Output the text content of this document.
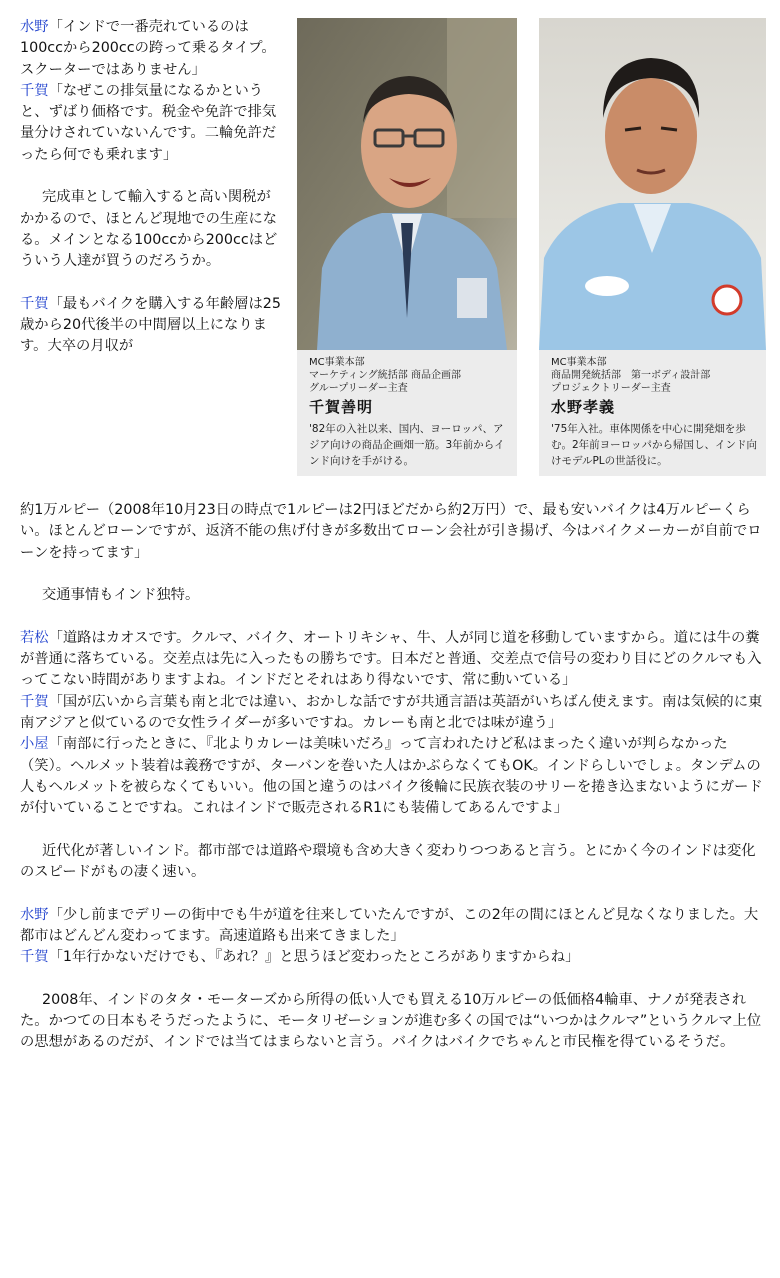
MC事業本部
マーケティング統括部 商品企画部
グループリーダー主査
千賀善明
'82年の入社以来、国内、ヨーロッパ、アジア向けの商品企画畑一筋。3年前からインド向けを手がける。
MC事業本部
商品開発統括部　第一ボディ設計部
プロジェクトリーダー主査
水野孝義
'75年入社。車体関係を中心に開発畑を歩む。2年前ヨーロッパから帰国し、インド向けモデルPLの世話役に。

水野「インドで一番売れているのは100ccから200ccの跨って乗るタイプ。スクーターではありません」

千賀「なぜこの排気量になるかというと、ずばり価格です。税金や免許で排気量分けされていないんです。二輪免許だったら何でも乗れます」

完成車として輸入すると高い関税がかかるので、ほとんど現地での生産になる。メインとなる100ccから200ccはどういう人達が買うのだろうか。

千賀「最もバイクを購入する年齢層は25歳から20代後半の中間層以上になります。大卒の月収が

約1万ルピー（2008年10月23日の時点で1ルピーは2円ほどだから約2万円）で、最も安いバイクは4万ルピーくらい。ほとんどローンですが、返済不能の焦げ付きが多数出てローン会社が引き揚げ、今はバイクメーカーが自前でローンを持ってます」

交通事情もインド独特。

若松「道路はカオスです。クルマ、バイク、オートリキシャ、牛、人が同じ道を移動していますから。道には牛の糞が普通に落ちている。交差点は先に入ったもの勝ちです。日本だと普通、交差点で信号の変わり目にどのクルマも入ってこない時間がありますよね。インドだとそれはあり得ないです、常に動いている」

千賀「国が広いから言葉も南と北では違い、おかしな話ですが共通言語は英語がいちばん使えます。南は気候的に東南アジアと似ているので女性ライダーが多いですね。カレーも南と北では味が違う」

小屋「南部に行ったときに、『北よりカレーは美味いだろ』って言われたけど私はまったく違いが判らなかった（笑）。ヘルメット装着は義務ですが、ターバンを巻いた人はかぶらなくてもOK。インドらしいでしょ。タンデムの人もヘルメットを被らなくてもいい。他の国と違うのはバイク後輪に民族衣装のサリーを捲き込まないようにガードが付いていることですね。これはインドで販売されるR1にも装備してあるんですよ」

近代化が著しいインド。都市部では道路や環境も含め大きく変わりつつあると言う。とにかく今のインドは変化のスピードがもの凄く速い。

水野「少し前までデリーの街中でも牛が道を往来していたんですが、この2年の間にほとんど見なくなりました。大都市はどんどん変わってます。高速道路も出来てきました」

千賀「1年行かないだけでも、『あれ？』と思うほど変わったところがありますからね」

2008年、インドのタタ・モーターズから所得の低い人でも買える10万ルピーの低価格4輪車、ナノが発表された。かつての日本もそうだったように、モータリゼーションが進む多くの国では“いつかはクルマ”というクルマ上位の思想があるのだが、インドでは当てはまらないと言う。バイクはバイクでちゃんと市民権を得ているそうだ。
